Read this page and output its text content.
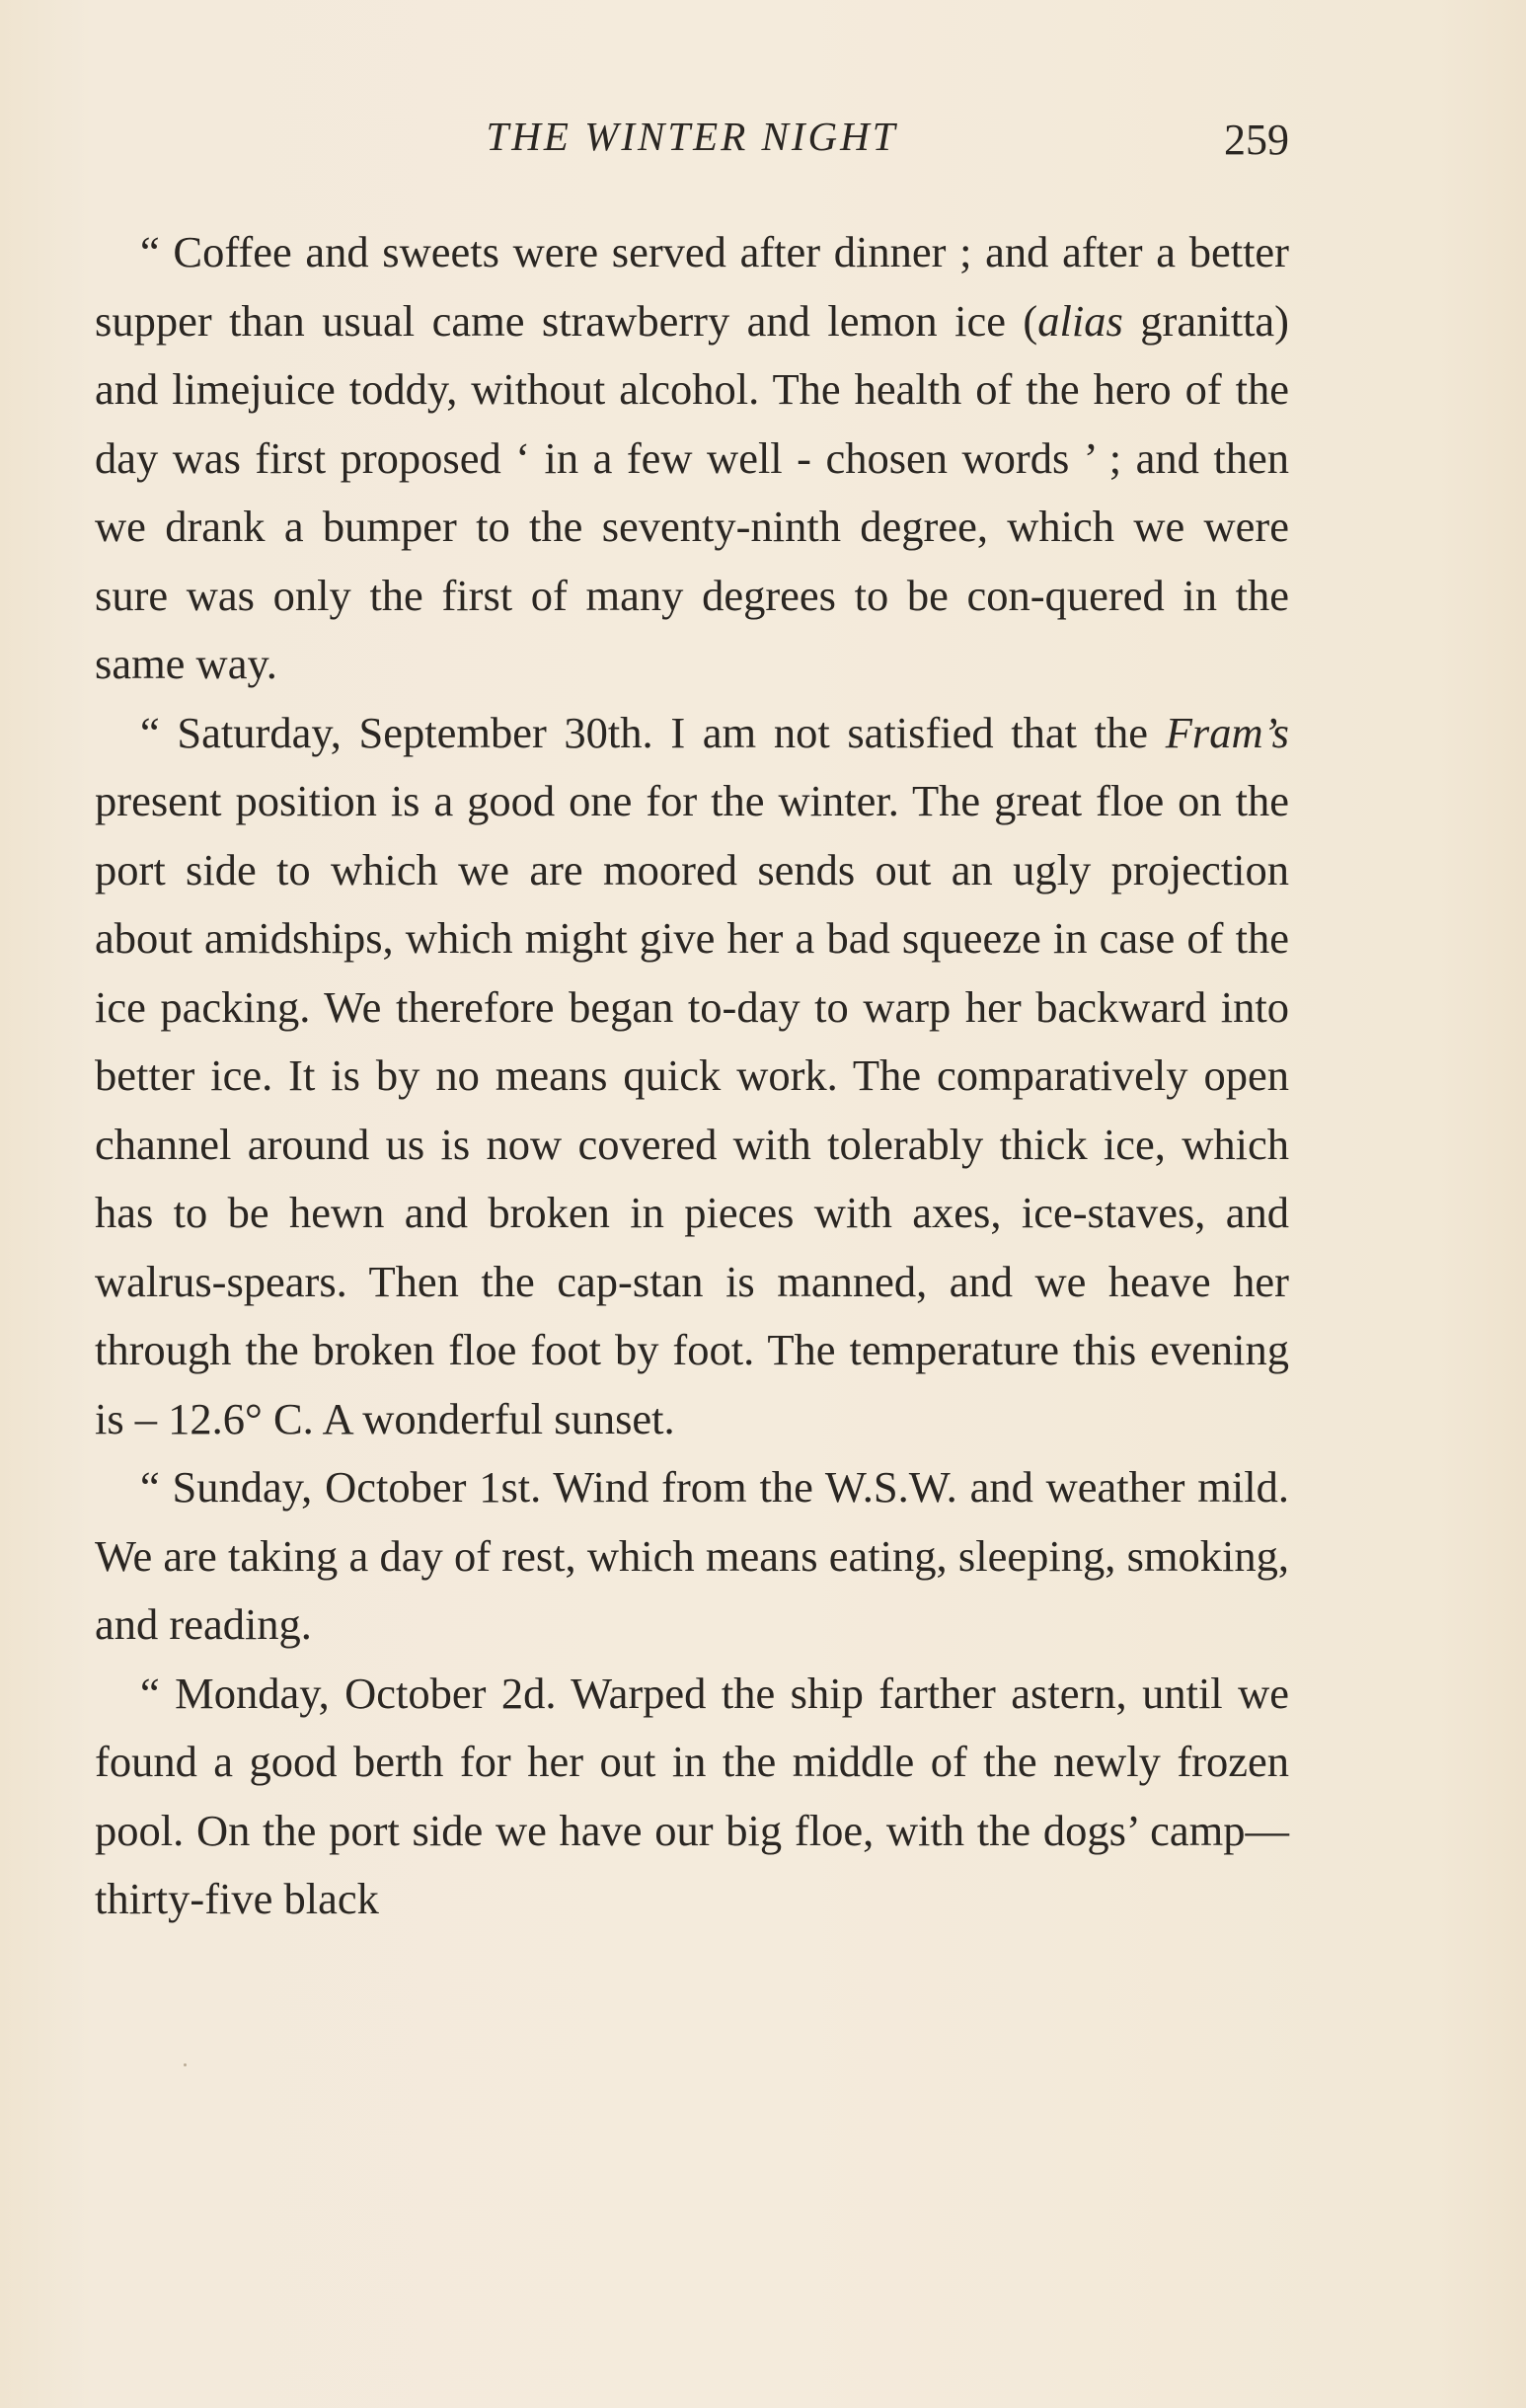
THE WINTER NIGHT	259

“ Coffee and sweets were served after dinner ; and after a better supper than usual came strawberry and lemon ice (alias granitta) and limejuice toddy, without alcohol. The health of the hero of the day was first proposed ‘ in a few well - chosen words ’ ; and then we drank a bumper to the seventy-ninth degree, which we were sure was only the first of many degrees to be con-quered in the same way.

“ Saturday, September 30th. I am not satisfied that the Fram’s present position is a good one for the winter. The great floe on the port side to which we are moored sends out an ugly projection about amidships, which might give her a bad squeeze in case of the ice packing. We therefore began to-day to warp her backward into better ice. It is by no means quick work. The comparatively open channel around us is now covered with tolerably thick ice, which has to be hewn and broken in pieces with axes, ice-staves, and walrus-spears. Then the cap-stan is manned, and we heave her through the broken floe foot by foot. The temperature this evening is – 12.6° C. A wonderful sunset.

“ Sunday, October 1st. Wind from the W.S.W. and weather mild. We are taking a day of rest, which means eating, sleeping, smoking, and reading.

“ Monday, October 2d. Warped the ship farther astern, until we found a good berth for her out in the middle of the newly frozen pool. On the port side we have our big floe, with the dogs’ camp—thirty-five black
